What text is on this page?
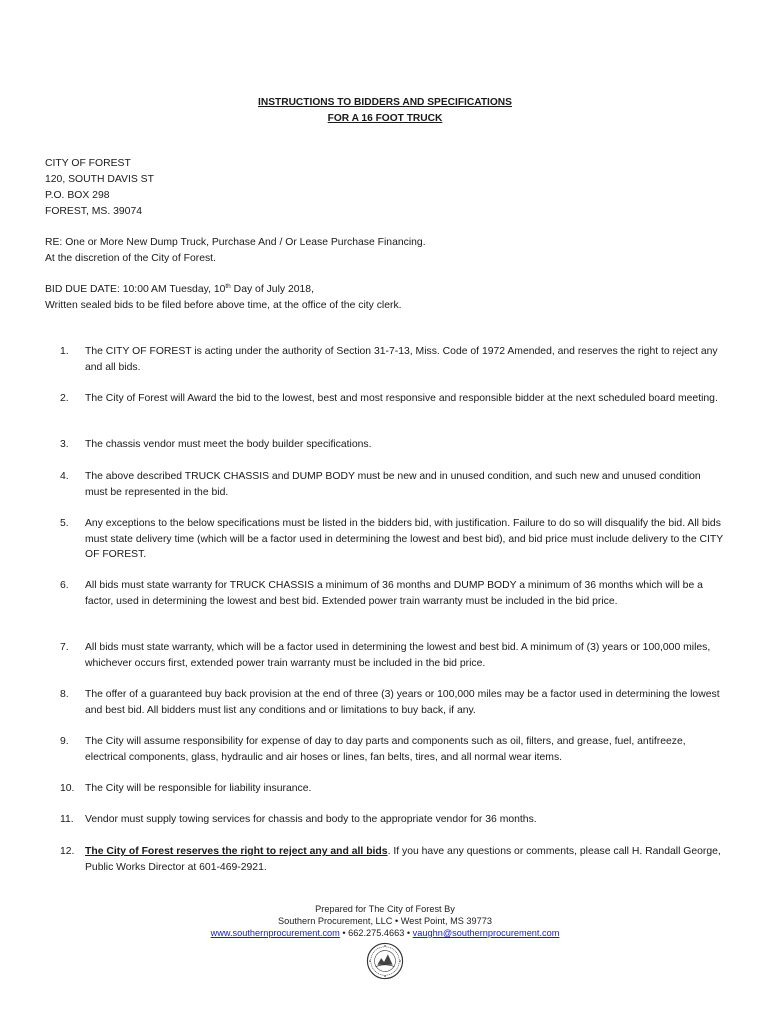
INSTRUCTIONS TO BIDDERS AND SPECIFICATIONS
FOR A 16 FOOT TRUCK
CITY OF FOREST
120, SOUTH DAVIS ST
P.O. BOX 298
FOREST, MS. 39074
RE: One or More New Dump Truck, Purchase And / Or Lease Purchase Financing.
At the discretion of the City of Forest.
BID DUE DATE: 10:00 AM Tuesday, 10th Day of July 2018,
Written sealed bids to be filed before above time, at the office of the city clerk.
1.	The CITY OF FOREST is acting under the authority of Section 31-7-13, Miss. Code of 1972 Amended, and reserves the right to reject any and all bids.
2.	The City of Forest will Award the bid to the lowest, best and most responsive and responsible bidder at the next scheduled board meeting.
3.	The chassis vendor must meet the body builder specifications.
4.	The above described TRUCK CHASSIS and DUMP BODY must be new and in unused condition, and such new and unused condition must be represented in the bid.
5.	Any exceptions to the below specifications must be listed in the bidders bid, with justification. Failure to do so will disqualify the bid. All bids must state delivery time (which will be a factor used in determining the lowest and best bid), and bid price must include delivery to the CITY OF FOREST.
6.	All bids must state warranty for TRUCK CHASSIS a minimum of 36 months and DUMP BODY a minimum of 36 months which will be a factor, used in determining the lowest and best bid. Extended power train warranty must be included in the bid price.
7.	All bids must state warranty, which will be a factor used in determining the lowest and best bid. A minimum of (3) years or 100,000 miles, whichever occurs first, extended power train warranty must be included in the bid price.
8.	The offer of a guaranteed buy back provision at the end of three (3) years or 100,000 miles may be a factor used in determining the lowest and best bid. All bidders must list any conditions and or limitations to buy back, if any.
9.	The City will assume responsibility for expense of day to day parts and components such as oil, filters, and grease, fuel, antifreeze, electrical components, glass, hydraulic and air hoses or lines, fan belts, tires, and all normal wear items.
10.	The City will be responsible for liability insurance.
11.	Vendor must supply towing services for chassis and body to the appropriate vendor for 36 months.
12.	The City of Forest reserves the right to reject any and all bids. If you have any questions or comments, please call H. Randall George, Public Works Director at 601-469-2921.
Prepared for The City of Forest By
Southern Procurement, LLC • West Point, MS 39773
www.southernprocurement.com • 662.275.4663 • vaughn@southernprocurement.com
